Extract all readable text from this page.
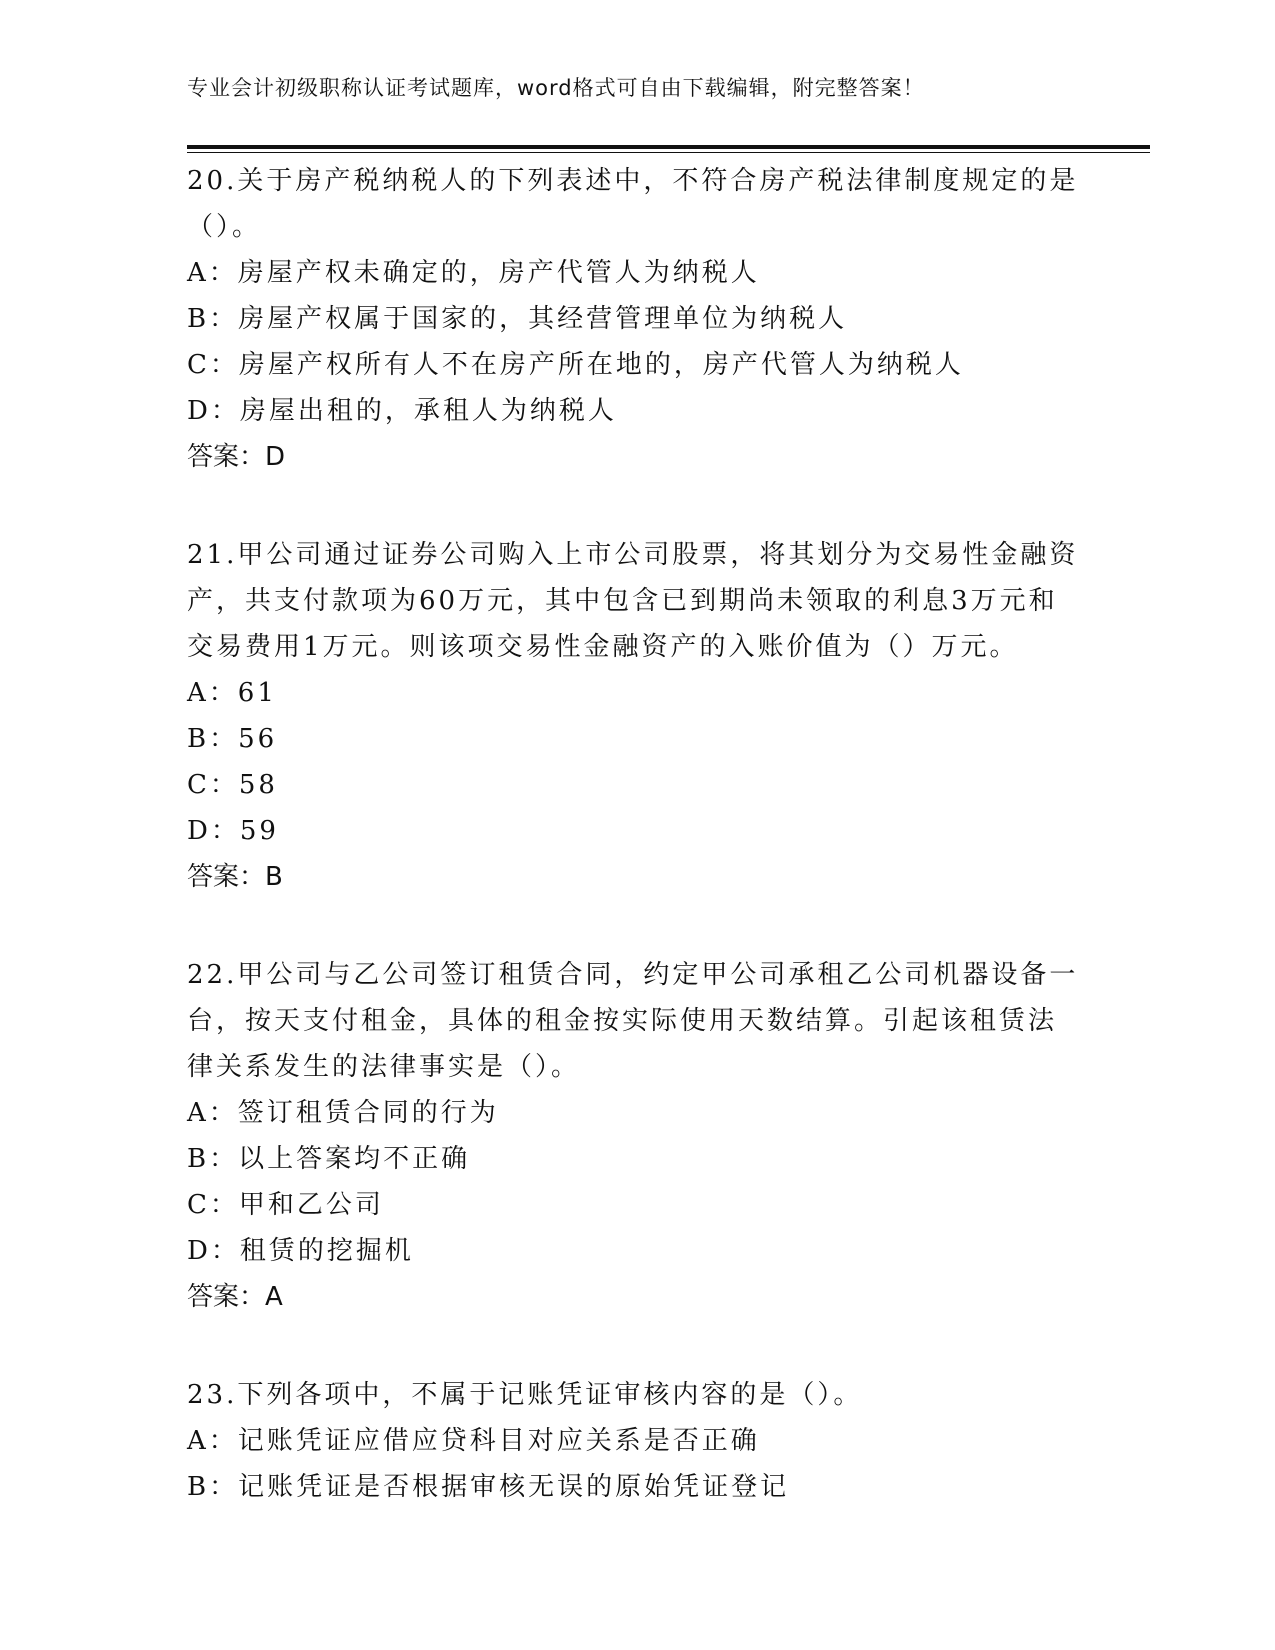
专业会计初级职称认证考试题库，word格式可自由下载编辑，附完整答案！
20.关于房产税纳税人的下列表述中，不符合房产税法律制度规定的是
（）。
A：房屋产权未确定的，房产代管人为纳税人
B：房屋产权属于国家的，其经营管理单位为纳税人
C：房屋产权所有人不在房产所在地的，房产代管人为纳税人
D：房屋出租的，承租人为纳税人
答案：D
21.甲公司通过证券公司购入上市公司股票，将其划分为交易性金融资
产，共支付款项为60万元，其中包含已到期尚未领取的利息3万元和
交易费用1万元。则该项交易性金融资产的入账价值为（）万元。
A：61
B：56
C：58
D：59
答案：B
22.甲公司与乙公司签订租赁合同，约定甲公司承租乙公司机器设备一
台，按天支付租金，具体的租金按实际使用天数结算。引起该租赁法
律关系发生的法律事实是（）。
A：签订租赁合同的行为
B：以上答案均不正确
C：甲和乙公司
D：租赁的挖掘机
答案：A
23.下列各项中，不属于记账凭证审核内容的是（）。
A：记账凭证应借应贷科目对应关系是否正确
B：记账凭证是否根据审核无误的原始凭证登记
